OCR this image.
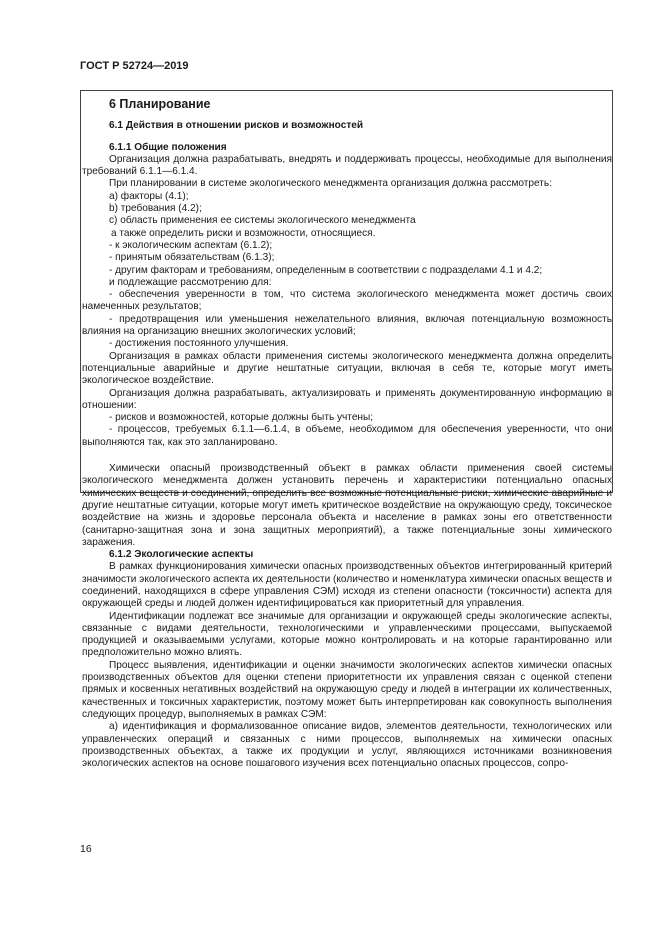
ГОСТ Р 52724—2019

6 Планирование

6.1 Действия в отношении рисков и возможностей

6.1.1 Общие положения

Организация должна разрабатывать, внедрять и поддерживать процессы, необходимые для выполнения требований 6.1.1—6.1.4.

При планировании в системе экологического менеджмента организация должна рассмотреть:

a) факторы (4.1);

b) требования (4.2);

c) область применения ее системы экологического менеджмента

а также определить риски и возможности, относящиеся.

- к экологическим аспектам (6.1.2);

- принятым обязательствам (6.1.3);

- другим факторам и требованиям, определенным в соответствии с подразделами 4.1 и 4.2;

и подлежащие рассмотрению для:

- обеспечения уверенности в том, что система экологического менеджмента может достичь своих намеченных результатов;

- предотвращения или уменьшения нежелательного влияния, включая потенциальную возможность влияния на организацию внешних экологических условий;

- достижения постоянного улучшения.

Организация в рамках области применения системы экологического менеджмента должна определить потенциальные аварийные и другие нештатные ситуации, включая в себя те, которые могут иметь экологическое воздействие.

Организация должна разрабатывать, актуализировать и применять документированную информацию в отношении:

- рисков и возможностей, которые должны быть учтены;

- процессов, требуемых 6.1.1—6.1.4, в объеме, необходимом для обеспечения уверенности, что они выполняются так, как это запланировано.

Химически опасный производственный объект в рамках области применения своей системы экологического менеджмента должен установить перечень и характеристики потенциально опасных химических веществ и соединений, определить все возможные потенциальные риски, химические аварийные и другие нештатные ситуации, которые могут иметь критическое воздействие на окружающую среду, токсическое воздействие на жизнь и здоровье персонала объекта и население в рамках зоны его ответственности (санитарно-защитная зона и зона защитных мероприятий), а также потенциальные зоны химического заражения.

6.1.2 Экологические аспекты

В рамках функционирования химически опасных производственных объектов интегрированный критерий значимости экологического аспекта их деятельности (количество и номенклатура химически опасных веществ и соединений, находящихся в сфере управления СЭМ) исходя из степени опасности (токсичности) аспекта для окружающей среды и людей должен идентифицироваться как приоритетный для управления.

Идентификации подлежат все значимые для организации и окружающей среды экологические аспекты, связанные с видами деятельности, технологическими и управленческими процессами, выпускаемой продукцией и оказываемыми услугами, которые можно контролировать и на которые гарантированно или предположительно можно влиять.

Процесс выявления, идентификации и оценки значимости экологических аспектов химически опасных производственных объектов для оценки степени приоритетности их управления связан с оценкой степени прямых и косвенных негативных воздействий на окружающую среду и людей в интеграции их количественных, качественных и токсичных характеристик, поэтому может быть интерпретирован как совокупность выполнения следующих процедур, выполняемых в рамках СЭМ:

а) идентификация и формализованное описание видов, элементов деятельности, технологических или управленческих операций и связанных с ними процессов, выполняемых на химически опасных производственных объектах, а также их продукции и услуг, являющихся источниками возникновения экологических аспектов на основе пошагового изучения всех потенциально опасных процессов, сопро-

16
